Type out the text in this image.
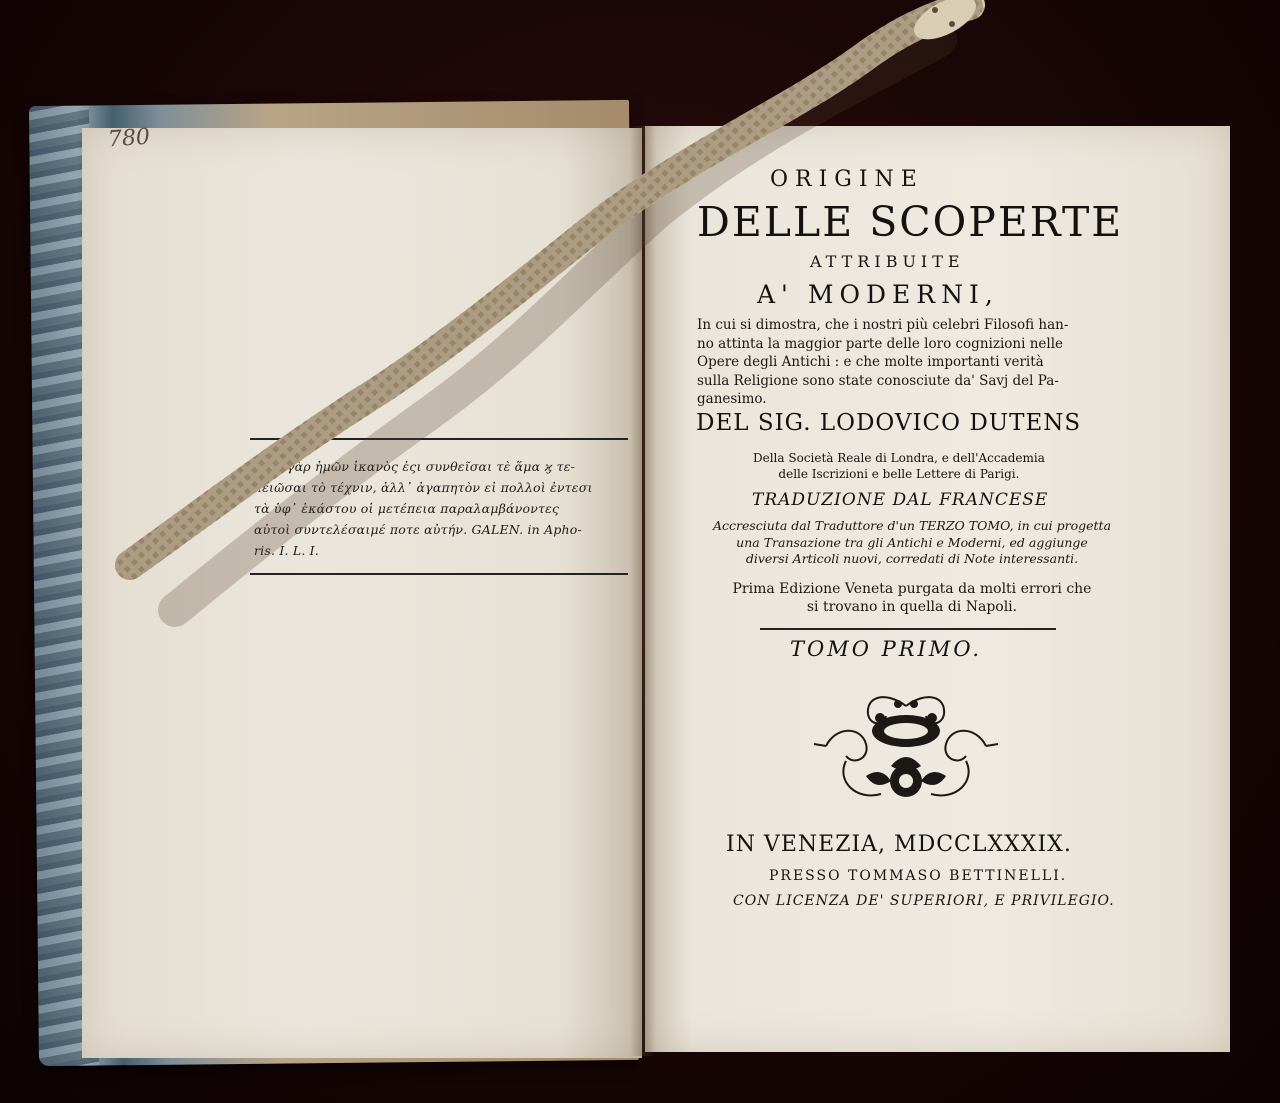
780
ἐδὲς γὰρ ἡμῶν ἱκανὸς ἐςι συνθεῖσαι τὲ ἅμα ϗ τε-
λειῶσαι τὸ τέχνιν, ἀλλ᾽ ἀγαπητὸν εἰ πολλοὶ ἐντεσι
τὰ ὑφ᾽ ἑκάστου οἱ μετέπεια παραλαμβάνοντες
αὐτοὶ συντελέσαιμέ ποτε αὐτήν. GALEN. in Apho-
ris. I. L. I.
ORIGINE
DELLE SCOPERTE
ATTRIBUITE
A' MODERNI,
In cui si dimostra, che i nostri più celebri Filosofi han-
no attinta la maggior parte delle loro cognizioni nelle
Opere degli Antichi : e che molte importanti verità
sulla Religione sono state conosciute da' Savj del Pa-
ganesimo.
DEL SIG. LODOVICO DUTENS
Della Società Reale di Londra, e dell'Accademia
delle Iscrizioni e belle Lettere di Parigi.
TRADUZIONE DAL FRANCESE
Accresciuta dal Traduttore d'un TERZO TOMO, in cui progetta
una Transazione tra gli Antichi e Moderni, ed aggiunge
diversi Articoli nuovi, corredati di Note interessanti.
Prima Edizione Veneta purgata da molti errori che
si trovano in quella di Napoli.
TOMO PRIMO.
IN VENEZIA, MDCCLXXXIX.
PRESSO TOMMASO BETTINELLI.
CON LICENZA DE' SUPERIORI, E PRIVILEGIO.
